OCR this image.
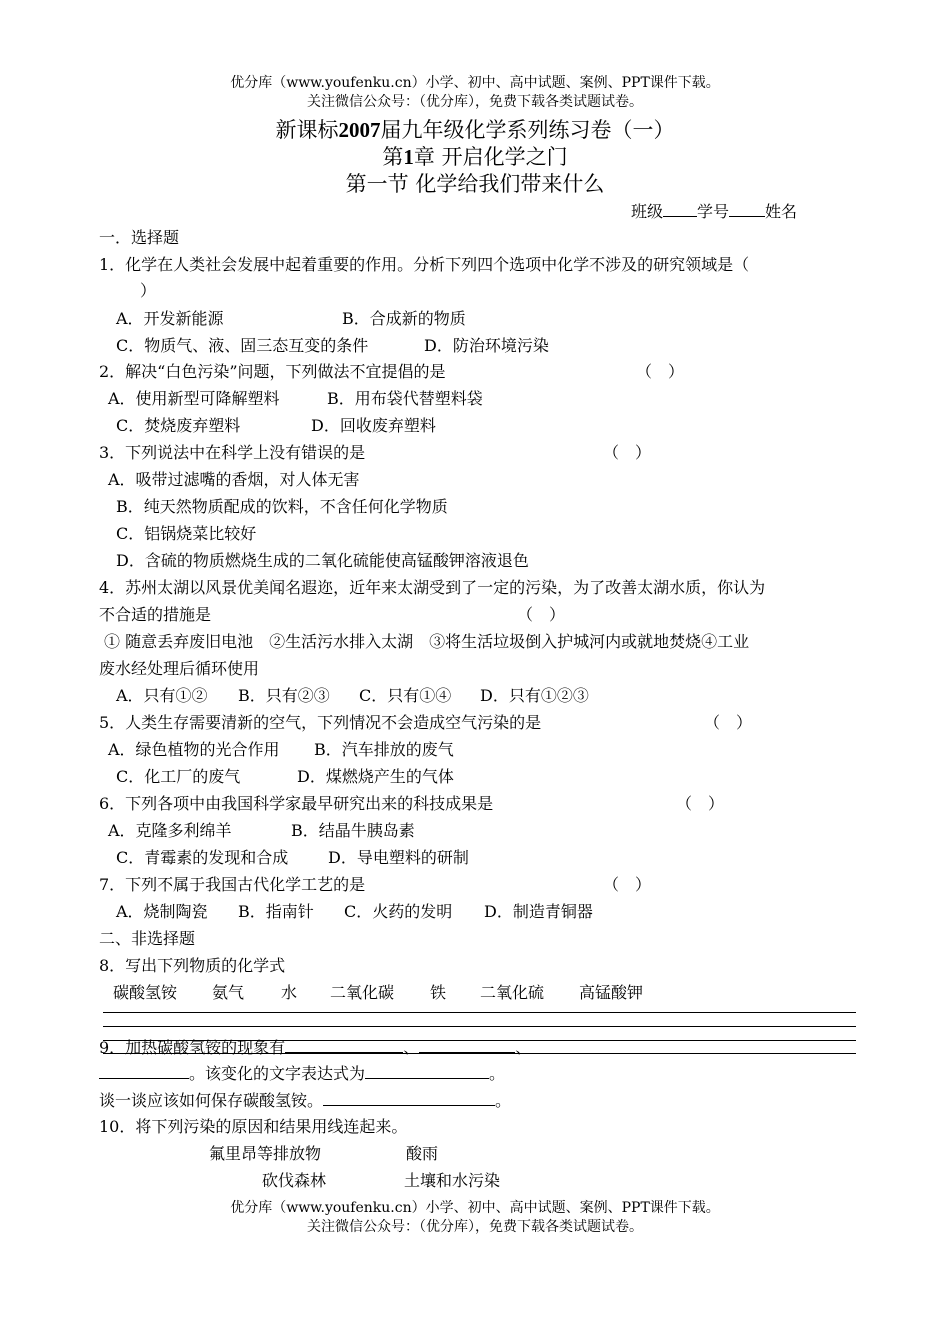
优分库（www.youfenku.cn）小学、初中、高中试题、案例、PPT课件下载。
关注微信公众号：（优分库），免费下载各类试题试卷。
新课标2007届九年级化学系列练习卷（一）
第1章 开启化学之门
第一节 化学给我们带来什么
班级 学号 姓名
一．选择题
1．化学在人类社会发展中起着重要的作用。分析下列四个选项中化学不涉及的研究领域是（
）
A．开发新能源	B．合成新的物质
C．物质气、液、固三态互变的条件	D．防治环境污染
2．解决“白色污染”问题，下列做法不宜提倡的是	（　）
A．使用新型可降解塑料	B．用布袋代替塑料袋
C．焚烧废弃塑料	D．回收废弃塑料
3．下列说法中在科学上没有错误的是	（　）
A．吸带过滤嘴的香烟，对人体无害
B．纯天然物质配成的饮料，不含任何化学物质
C．铝锅烧菜比较好
D．含硫的物质燃烧生成的二氧化硫能使高锰酸钾溶液退色
4．苏州太湖以风景优美闻名遐迩，近年来太湖受到了一定的污染，为了改善太湖水质，你认为
不合适的措施是	（　）
① 随意丢弃废旧电池　②生活污水排入太湖　③将生活垃圾倒入护城河内或就地焚烧④工业
废水经处理后循环使用
A．只有①② B．只有②③ C．只有①④ D．只有①②③
5．人类生存需要清新的空气，下列情况不会造成空气污染的是	（　）
A．绿色植物的光合作用 B．汽车排放的废气
C．化工厂的废气	D．煤燃烧产生的气体
6．下列各项中由我国科学家最早研究出来的科技成果是	（　）
A．克隆多利绵羊	B．结晶牛胰岛素
C．青霉素的发现和合成 D．导电塑料的研制
7．下列不属于我国古代化学工艺的是	（　）
A．烧制陶瓷 B．指南针 C．火药的发明 D．制造青铜器
二、非选择题
8．写出下列物质的化学式
碳酸氢铵 氨气 水 二氧化碳 铁 二氧化硫 高锰酸钾
9．加热碳酸氢铵的现象有	、	、
。该变化的文字表达式为	。
谈一谈应该如何保存碳酸氢铵。	。
10．将下列污染的原因和结果用线连起来。
氟里昂等排放物	酸雨
砍伐森林	土壤和水污染
优分库（www.youfenku.cn）小学、初中、高中试题、案例、PPT课件下载。
关注微信公众号：（优分库），免费下载各类试题试卷。
